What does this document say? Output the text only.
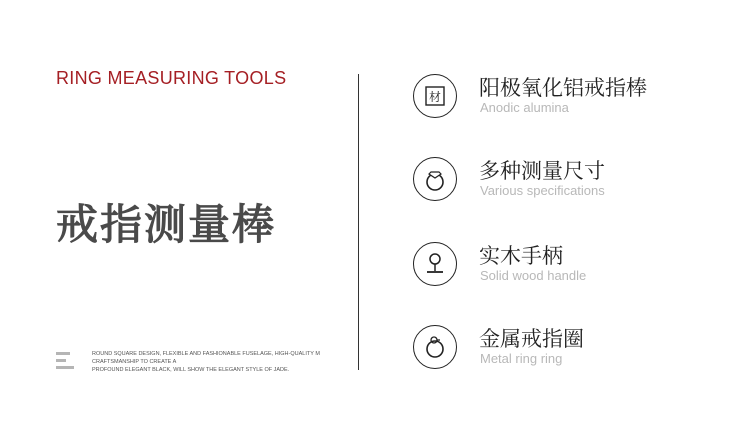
RING MEASURING TOOLS
戒指测量棒
ROUND SQUARE DESIGN, FLEXIBLE AND FASHIONABLE FUSELAGE, HIGH-QUALITY M
CRAFTSMANSHIP TO CREATE A
PROFOUND ELEGANT BLACK, WILL SHOW THE ELEGANT STYLE OF JADE.
材 阳极氧化铝戒指棒
Anodic alumina
多种测量尺寸
Various specifications
实木手柄
Solid wood handle
金属戒指圈
Metal ring ring
